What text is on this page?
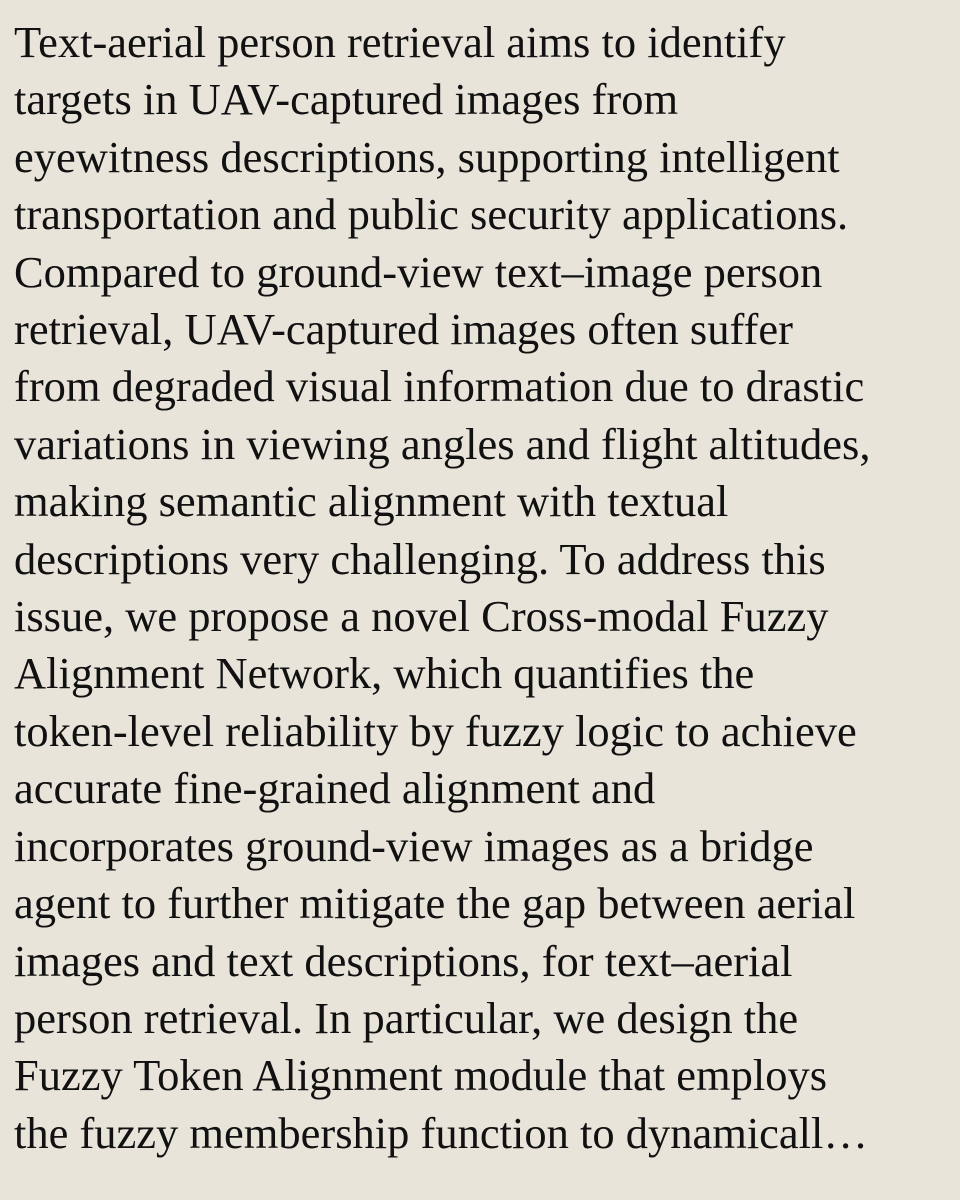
Text-aerial person retrieval aims to identify
targets in UAV-captured images from
eyewitness descriptions, supporting intelligent
transportation and public security applications.
Compared to ground-view text–image person
retrieval, UAV-captured images often suffer
from degraded visual information due to drastic
variations in viewing angles and flight altitudes,
making semantic alignment with textual
descriptions very challenging. To address this
issue, we propose a novel Cross-modal Fuzzy
Alignment Network, which quantifies the
token-level reliability by fuzzy logic to achieve
accurate fine-grained alignment and
incorporates ground-view images as a bridge
agent to further mitigate the gap between aerial
images and text descriptions, for text–aerial
person retrieval. In particular, we design the
Fuzzy Token Alignment module that employs
the fuzzy membership function to dynamicall…
